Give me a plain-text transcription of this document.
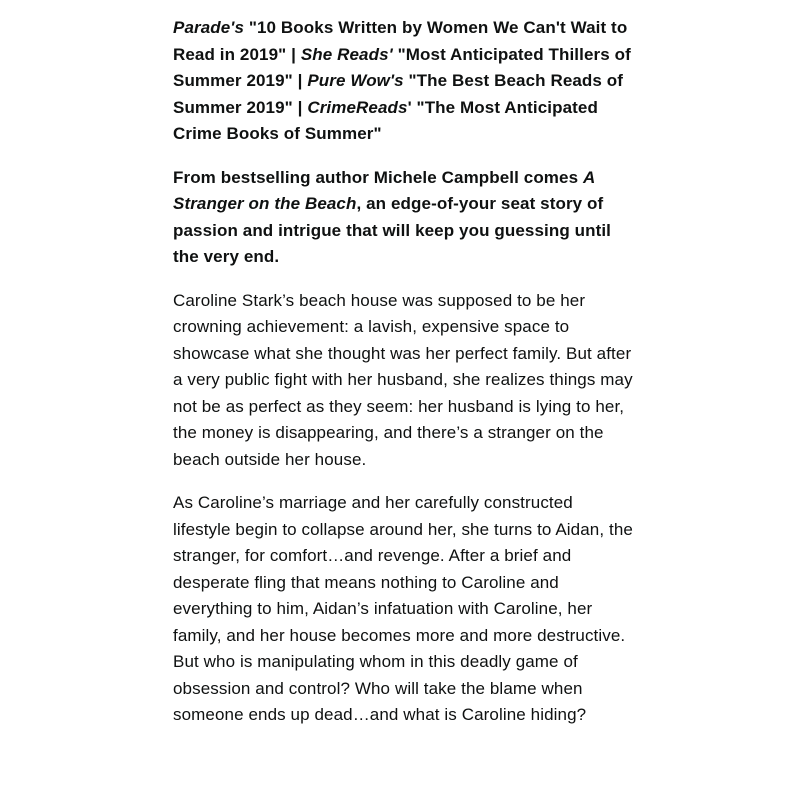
Parade's "10 Books Written by Women We Can't Wait to Read in 2019" | She Reads' "Most Anticipated Thillers of Summer 2019" | Pure Wow's "The Best Beach Reads of Summer 2019" | CrimeReads' "The Most Anticipated Crime Books of Summer"

From bestselling author Michele Campbell comes A Stranger on the Beach, an edge-of-your seat story of passion and intrigue that will keep you guessing until the very end.

Caroline Stark’s beach house was supposed to be her crowning achievement: a lavish, expensive space to showcase what she thought was her perfect family. But after a very public fight with her husband, she realizes things may not be as perfect as they seem: her husband is lying to her, the money is disappearing, and there’s a stranger on the beach outside her house.

As Caroline’s marriage and her carefully constructed lifestyle begin to collapse around her, she turns to Aidan, the stranger, for comfort…and revenge. After a brief and desperate fling that means nothing to Caroline and everything to him, Aidan’s infatuation with Caroline, her family, and her house becomes more and more destructive. But who is manipulating whom in this deadly game of obsession and control? Who will take the blame when someone ends up dead…and what is Caroline hiding?
